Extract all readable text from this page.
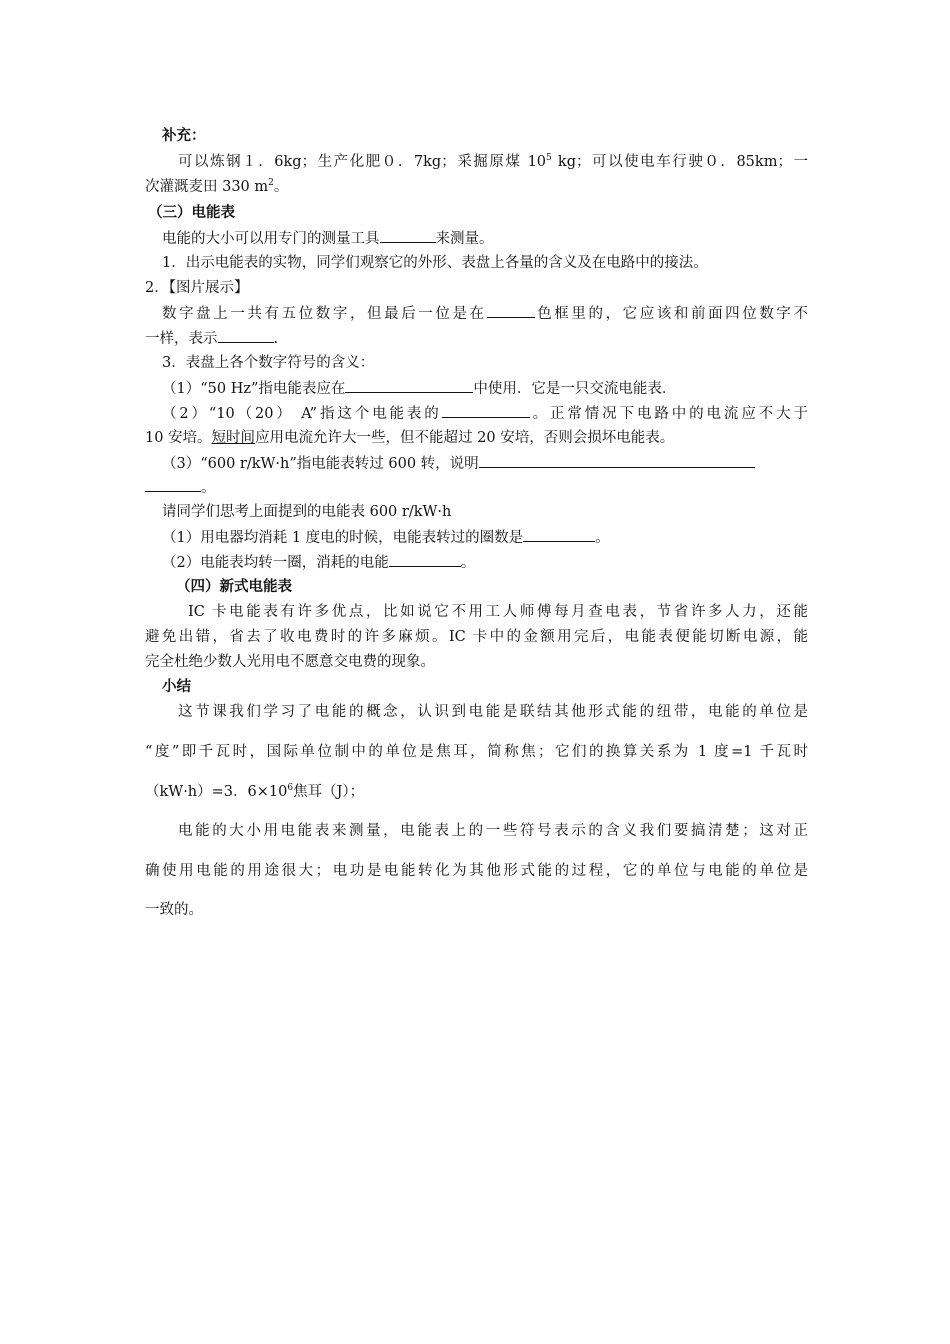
补充：
可以炼钢１．6kg；生产化肥０．7kg；采掘原煤 $10^5$ kg；可以使电车行驶０．85km；一
次灌溉麦田 330 $m^2$。
（三）电能表
电能的大小可以用专门的测量工具	来测量。
1．出示电能表的实物，同学们观察它的外形、表盘上各量的含义及在电路中的接法。
2．【图片展示】
数字盘上一共有五位数字，但最后一位是在	色框里的，它应该和前面四位数字不
一样，表示	.
3．表盘上各个数字符号的含义：
（1）“50 Hz”指电能表应在	中使用．它是一只交流电能表．
（2）“10（20） A”指这个电能表的	。正常情况下电路中的电流应不大于
10 安培。短时间应用电流允许大一些，但不能超过 20 安培，否则会损坏电能表。
（3）“600 r/kW·h”指电能表转过 600 转，说明
。
请同学们思考上面提到的电能表 600 r/kW·h
（1）用电器均消耗 1 度电的时候，电能表转过的圈数是	。
（2）电能表均转一圈，消耗的电能	。
（四）新式电能表
IC 卡电能表有许多优点，比如说它不用工人师傅每月查电表，节省许多人力，还能
避免出错，省去了收电费时的许多麻烦。IC 卡中的金额用完后，电能表便能切断电源，能
完全杜绝少数人光用电不愿意交电费的现象。
小结
这节课我们学习了电能的概念，认识到电能是联结其他形式能的纽带，电能的单位是
“度”即千瓦时，国际单位制中的单位是焦耳，简称焦；它们的换算关系为 1 度=1 千瓦时
（kW·h）=3．$6\times 10^6$焦耳（J）；
电能的大小用电能表来测量，电能表上的一些符号表示的含义我们要搞清楚；这对正
确使用电能的用途很大；电功是电能转化为其他形式能的过程，它的单位与电能的单位是
一致的。
